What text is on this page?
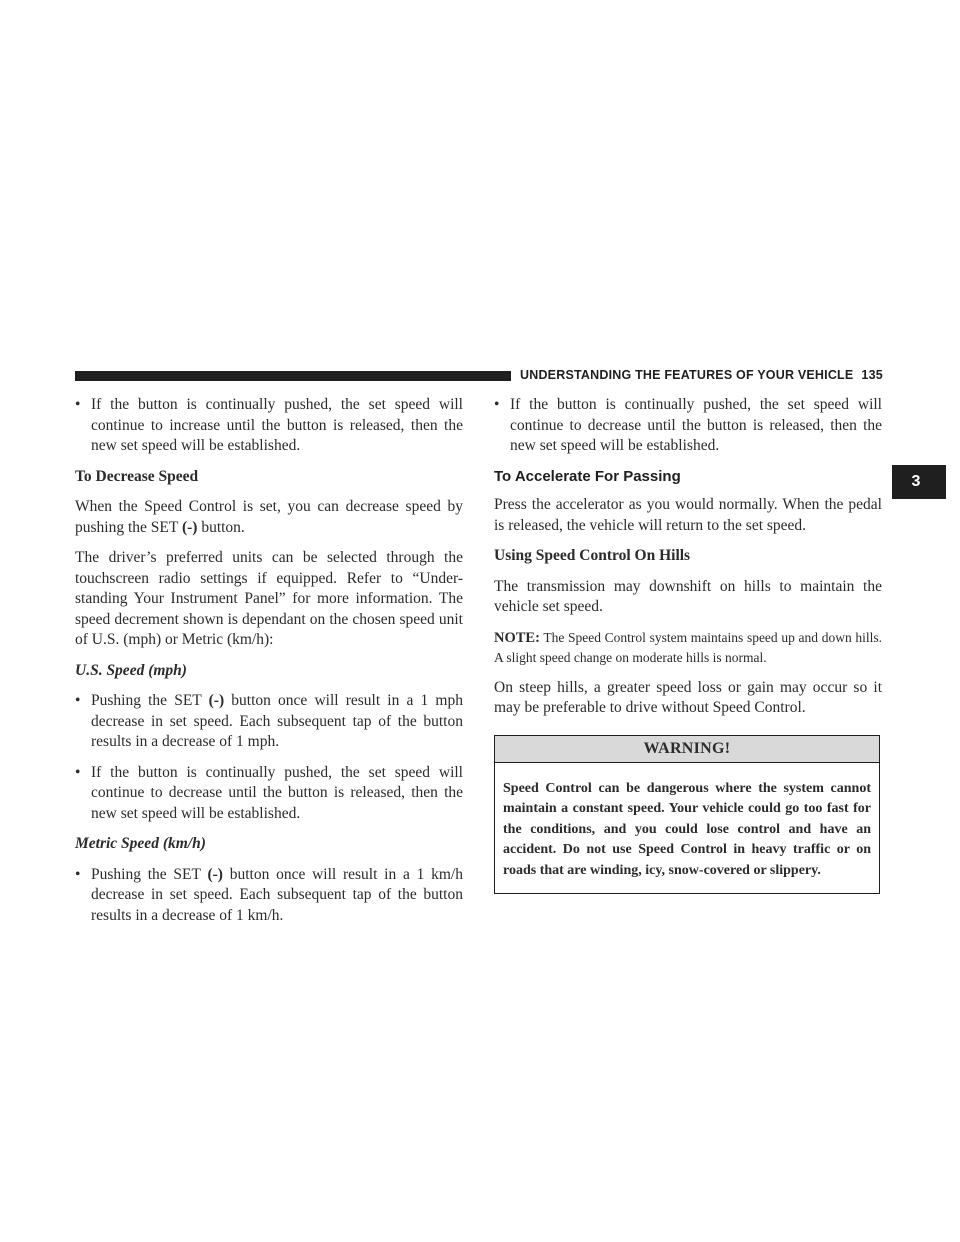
UNDERSTANDING THE FEATURES OF YOUR VEHICLE 135
3
• If the button is continually pushed, the set speed will continue to increase until the button is released, then the new set speed will be established.
To Decrease Speed

When the Speed Control is set, you can decrease speed by pushing the SET (-) button.

The driver’s preferred units can be selected through the touchscreen radio settings if equipped. Refer to “Under-standing Your Instrument Panel” for more information. The speed decrement shown is dependant on the chosen speed unit of U.S. (mph) or Metric (km/h):

U.S. Speed (mph)
• Pushing the SET (-) button once will result in a 1 mph decrease in set speed. Each subsequent tap of the button results in a decrease of 1 mph.
• If the button is continually pushed, the set speed will continue to decrease until the button is released, then the new set speed will be established.
Metric Speed (km/h)
• Pushing the SET (-) button once will result in a 1 km/h decrease in set speed. Each subsequent tap of the button results in a decrease of 1 km/h.
• If the button is continually pushed, the set speed will continue to decrease until the button is released, then the new set speed will be established.
To Accelerate For Passing

Press the accelerator as you would normally. When the pedal is released, the vehicle will return to the set speed.

Using Speed Control On Hills

The transmission may downshift on hills to maintain the vehicle set speed.

NOTE: The Speed Control system maintains speed up and down hills. A slight speed change on moderate hills is normal.

On steep hills, a greater speed loss or gain may occur so it may be preferable to drive without Speed Control.

WARNING!
Speed Control can be dangerous where the system cannot maintain a constant speed. Your vehicle could go too fast for the conditions, and you could lose control and have an accident. Do not use Speed Control in heavy traffic or on roads that are winding, icy, snow-covered or slippery.
